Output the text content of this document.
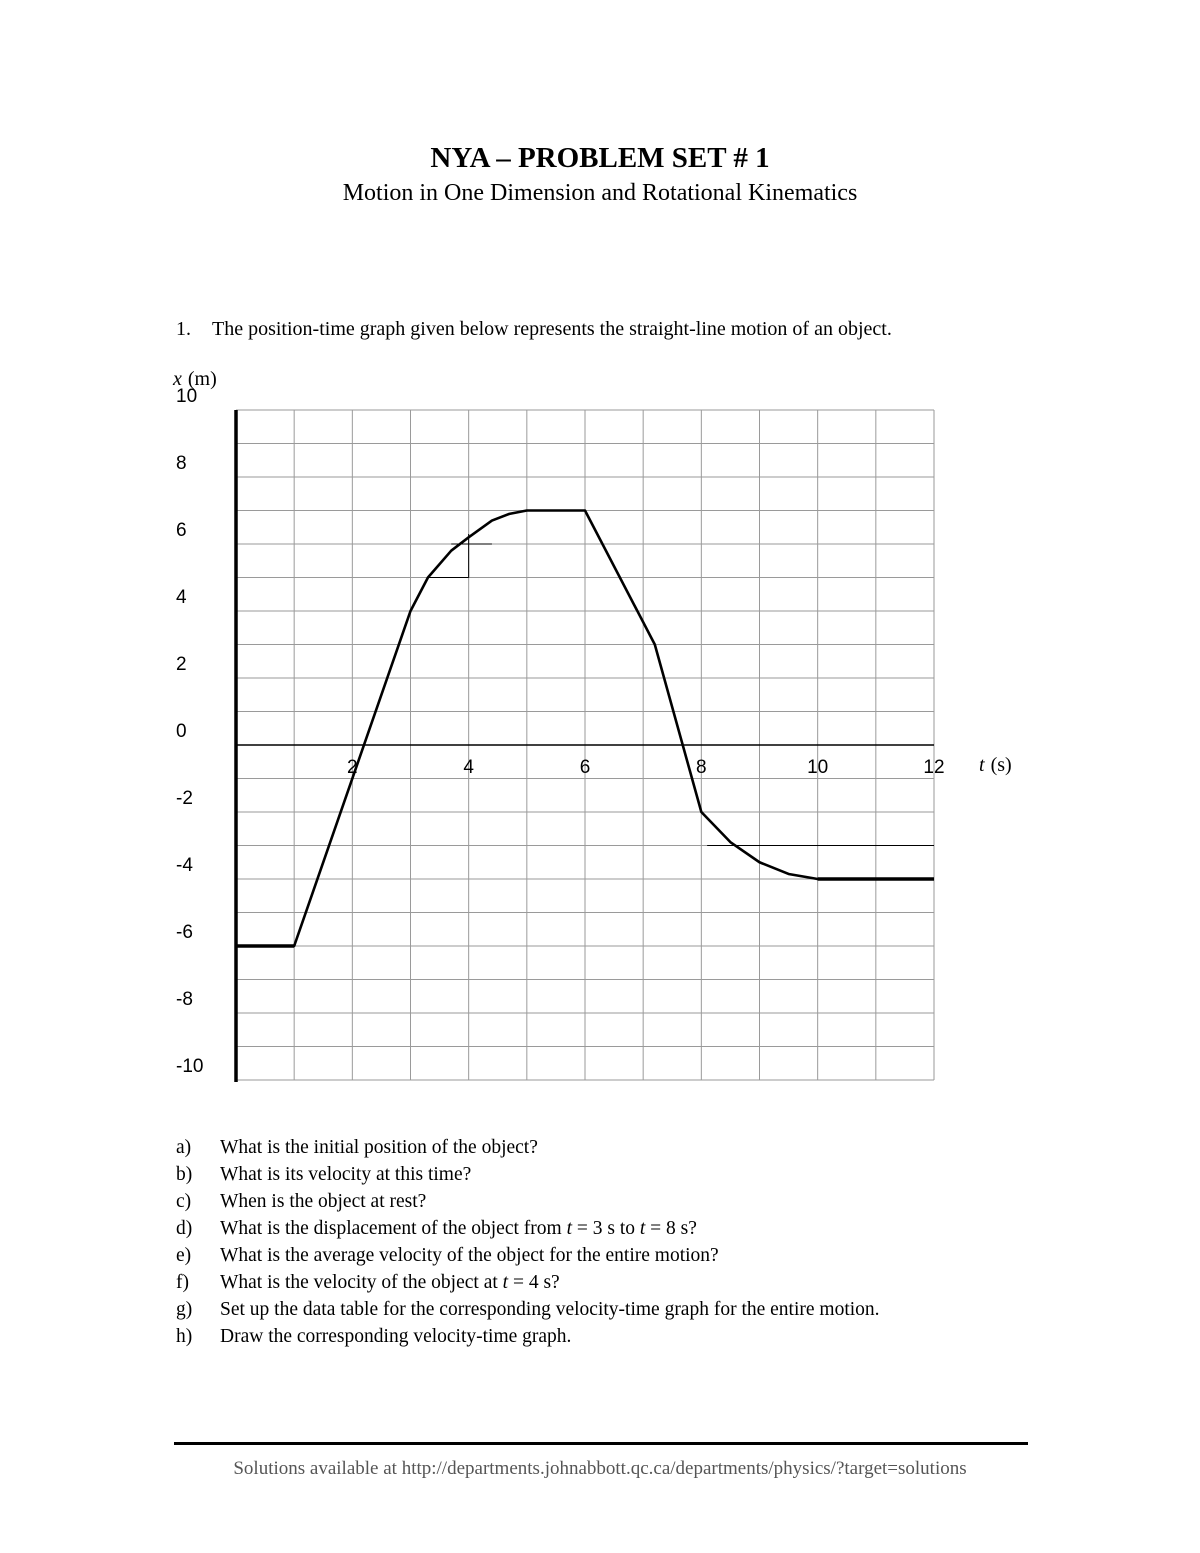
NYA – PROBLEM SET # 1
Motion in One Dimension and Rotational Kinematics
1. The position-time graph given below represents the straight-line motion of an object.
10
8
6
4
2
0
-2
-4
-6
-8
-10
2	4	6	8	10	12
x (m)
t (s)
a) What is the initial position of the object?
b) What is its velocity at this time?
c) When is the object at rest?
d) What is the displacement of the object from t = 3 s to t = 8 s?
e) What is the average velocity of the object for the entire motion?
f) What is the velocity of the object at t = 4 s?
g) Set up the data table for the corresponding velocity-time graph for the entire motion.
h) Draw the corresponding velocity-time graph.
Solutions available at http://departments.johnabbott.qc.ca/departments/physics/?target=solutions
